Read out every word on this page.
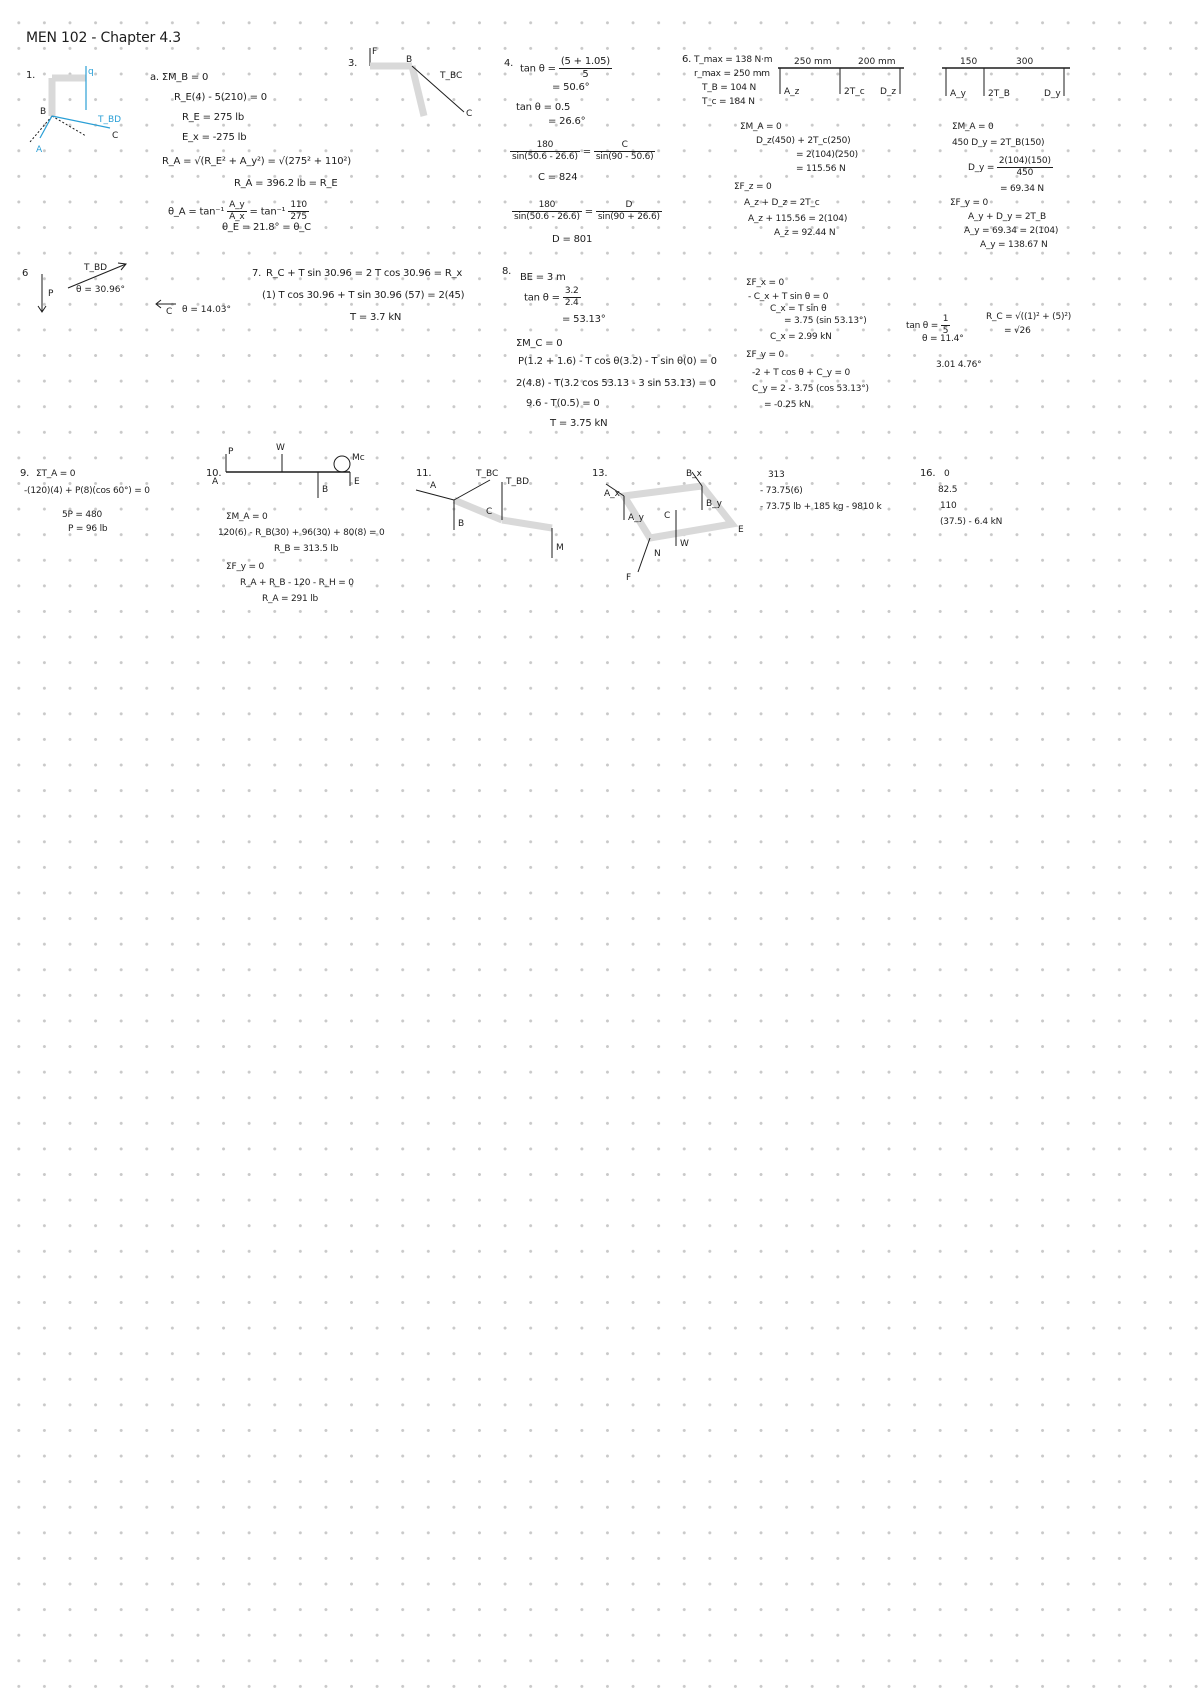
MEN 102 - Chapter 4.3
1.	q
B
A
T_BD
C
a. ΣM_B = 0
R_E(4) - 5(210) = 0
R_E = 275 lb
E_x = -275 lb
R_A = √(R_E² + A_y²) = √(275² + 110²)
R_A = 396.2 lb = R_E
θ_A = $\tan^{-1} \frac{A\_y}{A\_x} = \tan^{-1} \frac{110}{275}$
θ_E = 21.8° = θ_C
3.
F
T_BC
B
C
4. $\tan \theta = \frac{(5 + 1.05)}{5}$
= 50.6°
tan θ = 0.5
= 26.6°
$\frac{180}{\sin(50.6 - 26.6)} = \frac{C}{\sin(90 - 50.6)}$
C = 824
$\frac{180}{\sin(50.6 - 26.6)} = \frac{D}{\sin(90 + 26.6)}$
D = 801
6. T_max = 138 N·m
r_max = 250 mm
T_B = 104 N
T_c = 184 N
250 mm	200 mm
A_z	2T_c D_z
ΣM_A = 0
D_z(450) + 2T_c(250)
= 2(104)(250)
= 115.56 N
ΣF_z = 0
A_z + D_z = 2T_c
A_z + 115.56 = 2(104)
A_z = 92.44 N
150	300
A_y 2T_B	D_y
ΣM_A = 0
450 D_y = 2T_B(150)
D_y = $\frac{2(104)(150)}{450}$
= 69.34 N
ΣF_y = 0
A_y + D_y = 2T_B
A_y = 69.34 = 2(104)
A_y = 138.67 N
6
P
T_BD
θ = 30.96°
C θ = 14.03°
7. R_C + T sin 30.96 = 2 T cos 30.96 = R_x
(1) T cos 30.96 + T sin 30.96 (57) = 2(45)
T = 3.7 kN
8.
BE = 3 m
$\tan \theta = \frac{3.2}{2.4}$
= 53.13°
ΣM_C = 0
P(1.2 + 1.6) - T cos θ(3.2) - T sin θ(0) = 0
2(4.8) - T(3.2 cos 53.13 - 3 sin 53.13) = 0
9.6 - T(0.5) = 0
T = 3.75 kN
ΣF_x = 0
- C_x + T sin θ = 0
C_x = T sin θ
= 3.75 (sin 53.13°)
C_x = 2.99 kN
ΣF_y = 0
-2 + T cos θ + C_y = 0
C_y = 2 - 3.75 (cos 53.13°)
= -0.25 kN
$\tan \theta = \frac{1}{5}$	R_C = √((1)² + (5)²)
= √26
θ = 11.4°
3.01 4.76°
9. ΣT_A = 0
-(120)(4) + P(8)(cos 60°) = 0
5P = 480
P = 96 lb
10.
P
A
W
B
E
Mc
ΣM_A = 0
120(6) - R_B(30) + 96(30) + 80(8) = 0
R_B = 313.5 lb
ΣF_y = 0
R_A + R_B - 120 - R_H = 0
R_A = 291 lb
11.
A
B
T_BC
T_BD
C
M
13.	B_x
B_y
A_x
A_y C
W
N
F
E
313
- 73.75(6)
- 73.75 lb + 185 kg - 9810 k
16. 0
82.5
110
(37.5) - 6.4 kN
